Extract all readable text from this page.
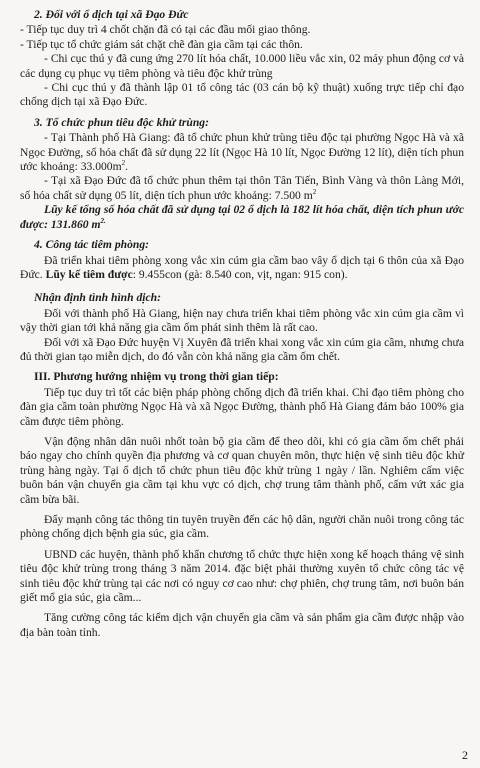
2. Đối với ổ dịch tại xã Đạo Đức

- Tiếp tục duy trì 4 chốt chặn đã có tại các đầu mối giao thông.

- Tiếp tục tổ chức giám sát chặt chẽ đàn gia cầm tại các thôn.

- Chi cục thú y đã cung ứng 270 lít hóa chất, 10.000 liều vắc xin, 02 máy phun động cơ và các dụng cụ phục vụ tiêm phòng và tiêu độc khử trùng

- Chi cục thú y đã thành lập 01 tổ công tác (03 cán bộ kỹ thuật) xuống trực tiếp chỉ đạo chống dịch tại xã Đạo Đức.

3. Tổ chức phun tiêu độc khử trùng:

- Tại Thành phố Hà Giang: đã tổ chức phun khử trùng tiêu độc tại phường Ngọc Hà và xã Ngọc Đường, số hóa chất đã sử dụng 22 lít (Ngọc Hà 10 lít, Ngọc Đường 12 lít), diện tích phun ước khoảng: $33.000m^2$.

- Tại xã Đạo Đức đã tổ chức phun thêm tại thôn Tân Tiến, Bình Vàng và thôn Làng Mới, số hóa chất sử dụng 05 lít, diện tích phun ước khoảng: 7.500 $m^2$

Lũy kế tổng số hóa chất đã sử dụng tại 02 ổ dịch là 182 lít hóa chất, diện tích phun ước được: 131.860 $m^{2.}$

4. Công tác tiêm phòng:

Đã triển khai tiêm phòng xong vắc xin cúm gia cầm bao vây ổ dịch tại 6 thôn của xã Đạo Đức. Lũy kế tiêm được: 9.455con (gà: 8.540 con, vịt, ngan: 915 con).

Nhận định tình hình dịch:

Đối với thành phố Hà Giang, hiện nay chưa triển khai tiêm phòng vắc xin cúm gia cầm vì vậy thời gian tới khả năng gia cầm ốm phát sinh thêm là rất cao.

Đối với xã Đạo Đức huyện Vị Xuyên đã triển khai xong vắc xin cúm gia cầm, nhưng chưa đủ thời gian tạo miễn dịch, do đó vẫn còn khả năng gia cầm ốm chết.

III. Phương hướng nhiệm vụ trong thời gian tiếp:

Tiếp tục duy trì tốt các biện pháp phòng chống dịch đã triển khai. Chỉ đạo tiêm phòng cho đàn gia cầm toàn phường Ngọc Hà và xã Ngọc Đường, thành phố Hà Giang đảm bảo 100% gia cầm được tiêm phòng.

Vận động nhân dân nuôi nhốt toàn bộ gia cầm để theo dõi, khi có gia cầm ốm chết phải báo ngay cho chính quyền địa phương và cơ quan chuyên môn, thực hiện vệ sinh tiêu độc khử trùng hàng ngày. Tại ổ dịch tổ chức phun tiêu độc khử trùng 1 ngày / lần. Nghiêm cấm việc buôn bán vận chuyển gia cầm tại khu vực có dịch, chợ trung tâm thành phố, cấm vứt xác gia cầm bừa bãi.

Đẩy mạnh công tác thông tin tuyên truyền đến các hộ dân, người chăn nuôi trong công tác phòng chống dịch bệnh gia súc, gia cầm.

UBND các huyện, thành phố khẩn chương tổ chức thực hiện xong kế hoạch tháng vệ sinh tiêu độc khử trùng trong tháng 3 năm 2014. đặc biệt phải thường xuyên tổ chức công tác vệ sinh tiêu độc khử trùng tại các nơi có nguy cơ cao như: chợ phiên, chợ trung tâm, nơi buôn bán giết mổ gia súc, gia cầm...

Tăng cường công tác kiểm dịch vận chuyển gia cầm và sản phẩm gia cầm được nhập vào địa bàn toàn tỉnh.

2
